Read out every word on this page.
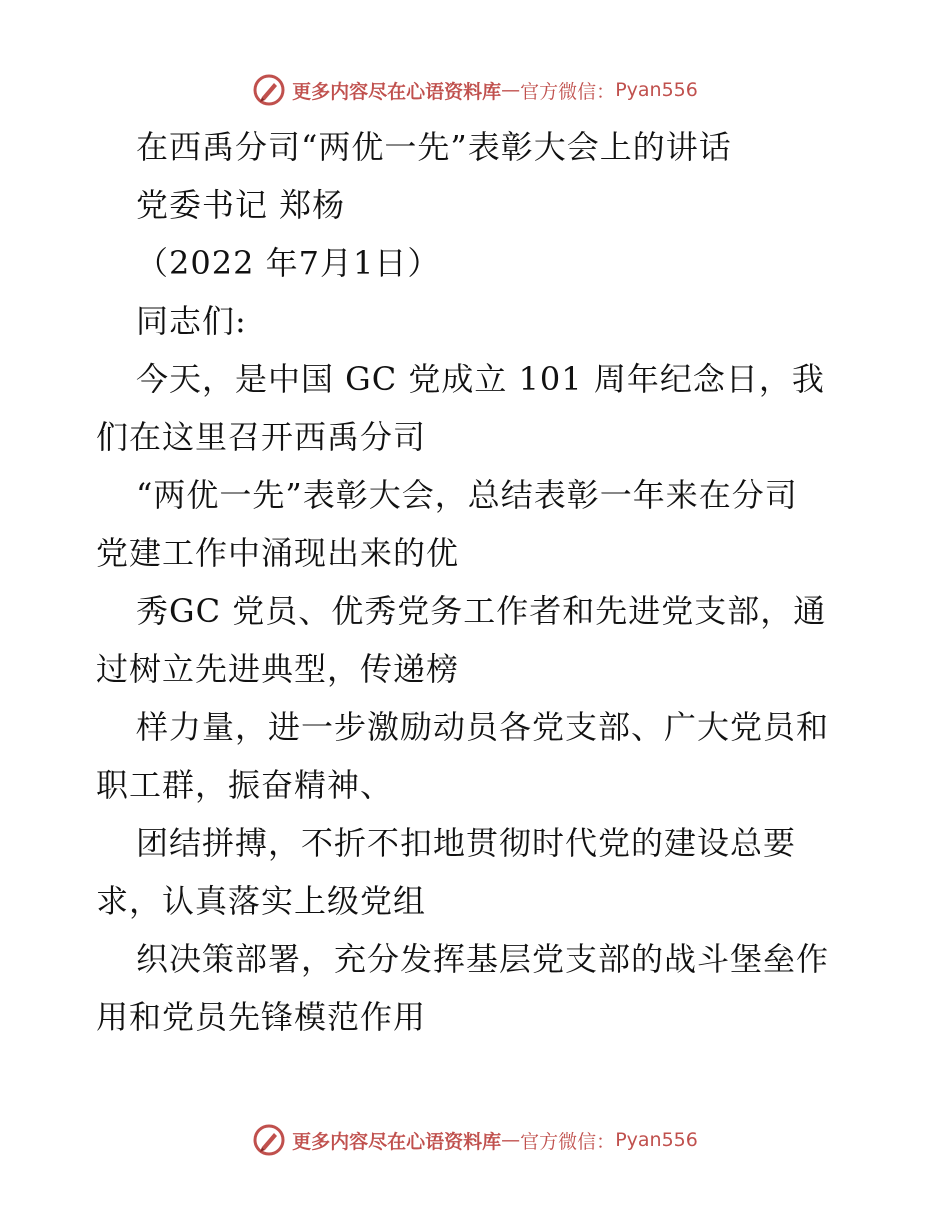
更多内容尽在心语资料库 — 官方微信： Pyan556
在西禹分司“两优一先”表彰大会上的讲话
党委书记 郑杨
（2022 年7月1日）
同志们:
今天，是中国 GC 党成立 101 周年纪念日，我
们在这里召开西禹分司
“两优一先”表彰大会，总结表彰一年来在分司
党建工作中涌现出来的优
秀GC 党员、优秀党务工作者和先进党支部，通
过树立先进典型，传递榜
样力量，进一步激励动员各党支部、广大党员和
职工群，振奋精神、
团结拼搏，不折不扣地贯彻时代党的建设总要
求，认真落实上级党组
织决策部署，充分发挥基层党支部的战斗堡垒作
用和党员先锋模范作用
更多内容尽在心语资料库 — 官方微信： Pyan556
